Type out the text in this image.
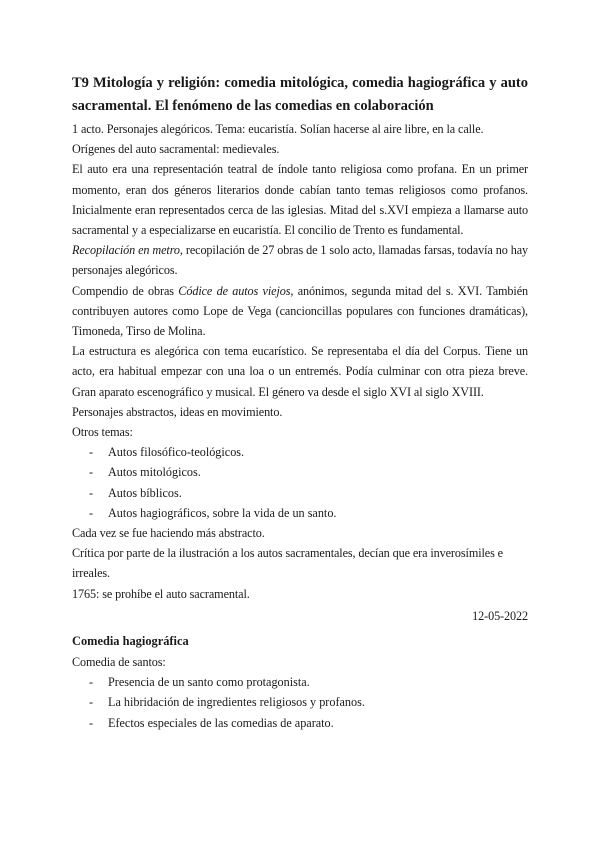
T9 Mitología y religión: comedia mitológica, comedia hagiográfica y auto sacramental. El fenómeno de las comedias en colaboración

1 acto. Personajes alegóricos. Tema: eucaristía. Solían hacerse al aire libre, en la calle.

Orígenes del auto sacramental: medievales.

El auto era una representación teatral de índole tanto religiosa como profana. En un primer momento, eran dos géneros literarios donde cabían tanto temas religiosos como profanos. Inicialmente eran representados cerca de las iglesias. Mitad del s.XVI empieza a llamarse auto sacramental y a especializarse en eucaristía. El concilio de Trento es fundamental.

Recopilación en metro, recopilación de 27 obras de 1 solo acto, llamadas farsas, todavía no hay personajes alegóricos.

Compendio de obras Códice de autos viejos, anónimos, segunda mitad del s. XVI. También contribuyen autores como Lope de Vega (cancioncillas populares con funciones dramáticas), Timoneda, Tirso de Molina.

La estructura es alegórica con tema eucarístico. Se representaba el día del Corpus. Tiene un acto, era habitual empezar con una loa o un entremés. Podía culminar con otra pieza breve. Gran aparato escenográfico y musical. El género va desde el siglo XVI al siglo XVIII.

Personajes abstractos, ideas en movimiento.

Otros temas:

- Autos filosófico-teológicos.
- Autos mitológicos.
- Autos bíblicos.
- Autos hagiográficos, sobre la vida de un santo.

Cada vez se fue haciendo más abstracto.

Crítica por parte de la ilustración a los autos sacramentales, decían que era inverosímiles e irreales.

1765: se prohíbe el auto sacramental.

12-05-2022

Comedia hagiográfica

Comedia de santos:

- Presencia de un santo como protagonista.
- La hibridación de ingredientes religiosos y profanos.
- Efectos especiales de las comedias de aparato.
